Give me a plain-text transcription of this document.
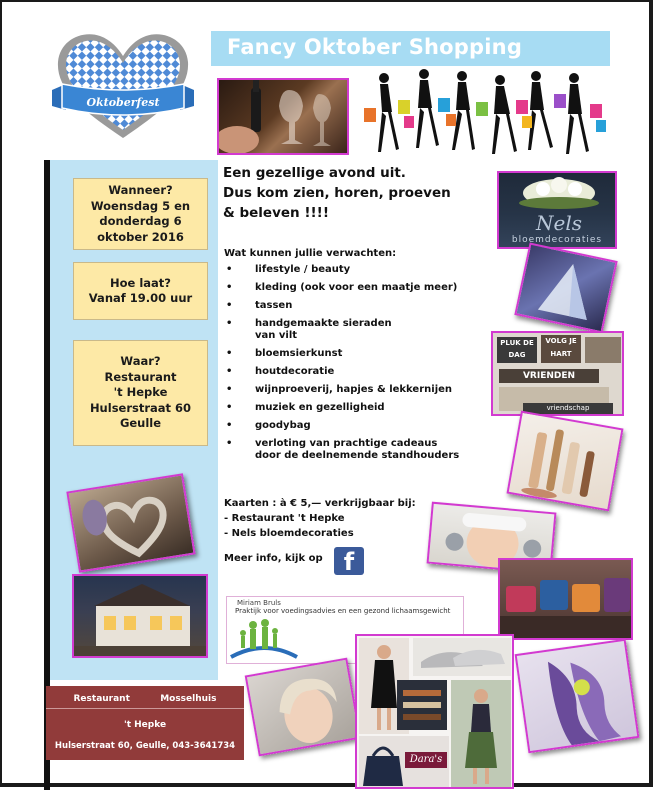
Oktoberfest
Fancy Oktober Shopping
Wanneer?
Woensdag 5 en
donderdag 6
oktober 2016
Hoe laat?
Vanaf 19.00 uur
Waar?
Restaurant
't Hepke
Hulserstraat 60
Geulle
Een gezellige avond uit.
Dus kom zien, horen, proeven
& beleven !!!!
Wat kunnen jullie verwachten:
• lifestyle / beauty
• kleding (ook voor een maatje meer)
• tassen
• handgemaakte sieraden
van vilt
• bloemsierkunst
• houtdecoratie
• wijnproeverij, hapjes & lekkernijen
• muziek en gezelligheid
• goodybag
• verloting van prachtige cadeaus
door de deelnemende standhouders
Kaarten : à € 5,— verkrijgbaar bij:
- Restaurant 't Hepke
- Nels bloemdecoraties
Meer info, kijk op f
Miriam Bruls
Praktijk voor voedingsadvies en een gezond lichaamsgewicht
Nels
bloemdecoraties
PLUK DE DAG
VOLG JE HART
VRIENDEN
vriendschap
Dara's
Restaurant	Mosselhuis
't Hepke
Hulserstraat 60, Geulle, 043-3641734
